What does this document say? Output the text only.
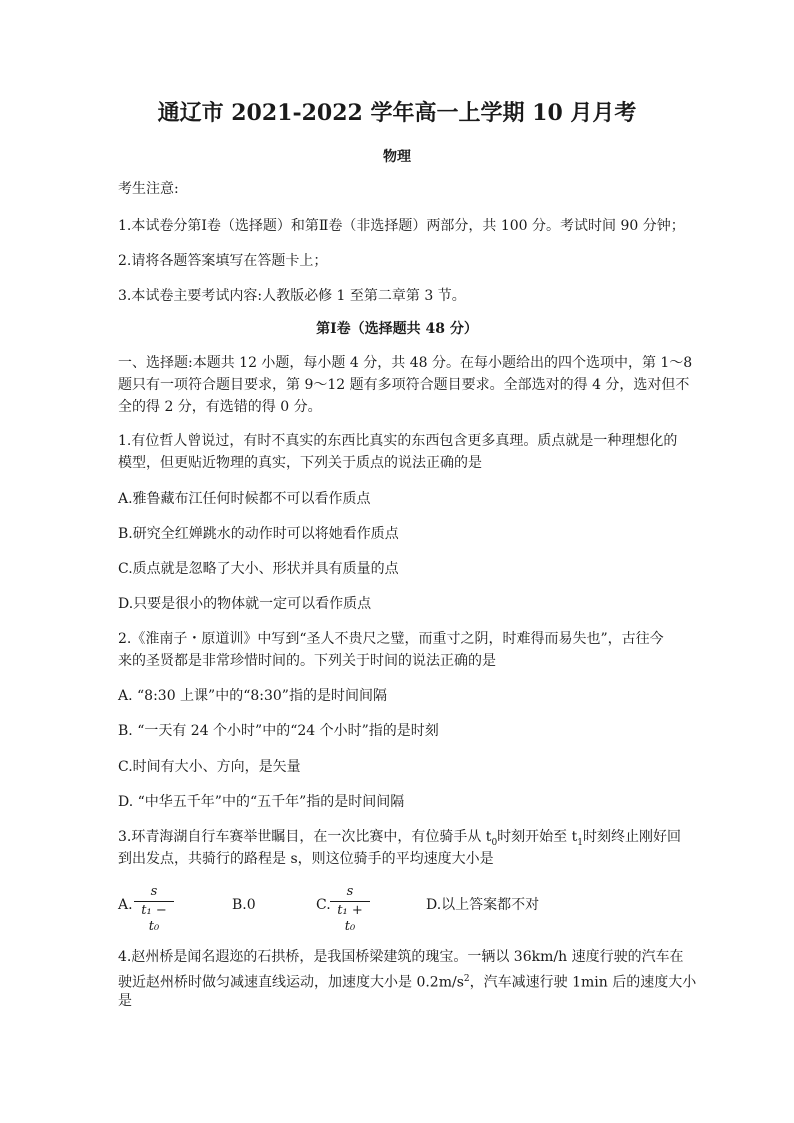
通辽市 2021-2022 学年高一上学期 10 月月考
物理
考生注意:
1.本试卷分第Ⅰ卷（选择题）和第Ⅱ卷（非选择题）两部分，共 100 分。考试时间 90 分钟；
2.请将各题答案填写在答题卡上；
3.本试卷主要考试内容:人教版必修 1 至第二章第 3 节。
第Ⅰ卷（选择题共 48 分）
一、选择题:本题共 12 小题，每小题 4 分，共 48 分。在每小题给出的四个选项中，第 1～8
题只有一项符合题目要求，第 9～12 题有多项符合题目要求。全部选对的得 4 分，选对但不
全的得 2 分，有选错的得 0 分。
1.有位哲人曾说过，有时不真实的东西比真实的东西包含更多真理。质点就是一种理想化的
模型，但更贴近物理的真实，下列关于质点的说法正确的是
A.雅鲁藏布江任何时候都不可以看作质点
B.研究全红婵跳水的动作时可以将她看作质点
C.质点就是忽略了大小、形状并具有质量的点
D.只要是很小的物体就一定可以看作质点
2.《淮南子・原道训》中写到“圣人不贵尺之璧，而重寸之阴，时难得而易失也”，古往今
来的圣贤都是非常珍惜时间的。下列关于时间的说法正确的是
A. “8:30 上课”中的“8:30”指的是时间间隔
B. “一天有 24 个小时”中的“24 个小时”指的是时刻
C.时间有大小、方向，是矢量
D. “中华五千年”中的“五千年”指的是时间间隔
3.环青海湖自行车赛举世瞩目，在一次比赛中，有位骑手从 $t_0$时刻开始至 $t_1$时刻终止刚好回
到出发点，共骑行的路程是 s，则这位骑手的平均速度大小是
A.
s
t₁ − t₀
B.0	C.
s
t₁ + t₀
D.以上答案都不对
4.赵州桥是闻名遐迩的石拱桥，是我国桥梁建筑的瑰宝。一辆以 36km/h 速度行驶的汽车在
驶近赵州桥时做匀减速直线运动，加速度大小是 $0.2m/s^2$，汽车减速行驶 1min 后的速度大小
是
